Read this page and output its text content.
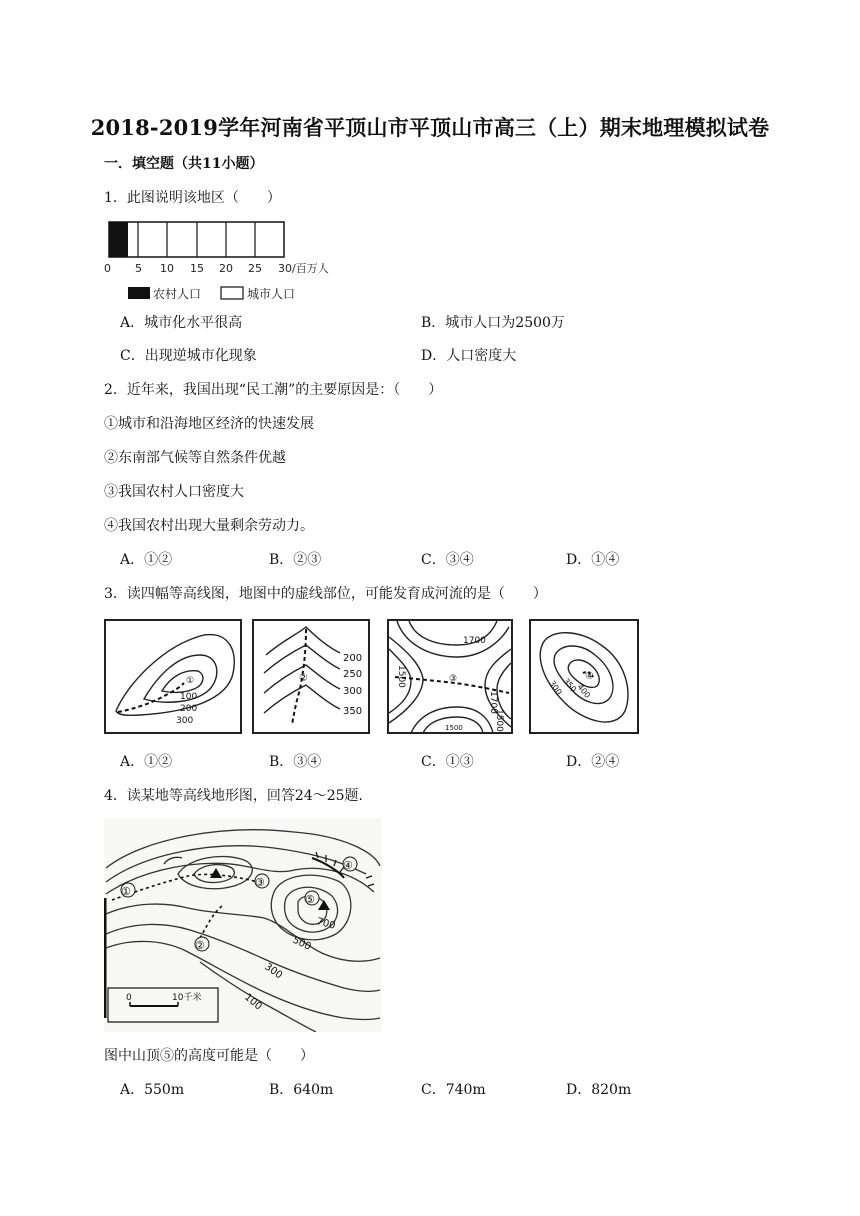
2018-2019学年河南省平顶山市平顶山市高三（上）期末地理模拟试卷
一．填空题（共11小题）
1．此图说明该地区（　　）
0 5 10 15 20 25 30/百万人
农村人口	城市人口
A．城市化水平很高	B．城市人口为2500万
C．出现逆城市化现象	D．人口密度大
2．近年来，我国出现“民工潮”的主要原因是：（　　）
①城市和沿海地区经济的快速发展
②东南部气候等自然条件优越
③我国农村人口密度大
④我国农村出现大量剩余劳动力。
A．①②	B．②③	C．③④	D．①④
3．读四幅等高线图，地图中的虚线部位，可能发育成河流的是（　　）
①
100
200
300
②
200
250
300
350
③
1700
1500
1700
1500
1500
④
400
350
300
A．①②	B．③④	C．①③	D．②④
4．读某地等高线地形图，回答24～25题．
①
②
③
④
⑤
700
500
300
100
0	10千米
图中山顶⑤的高度可能是（　　）
A．550m	B．640m	C．740m	D．820m
